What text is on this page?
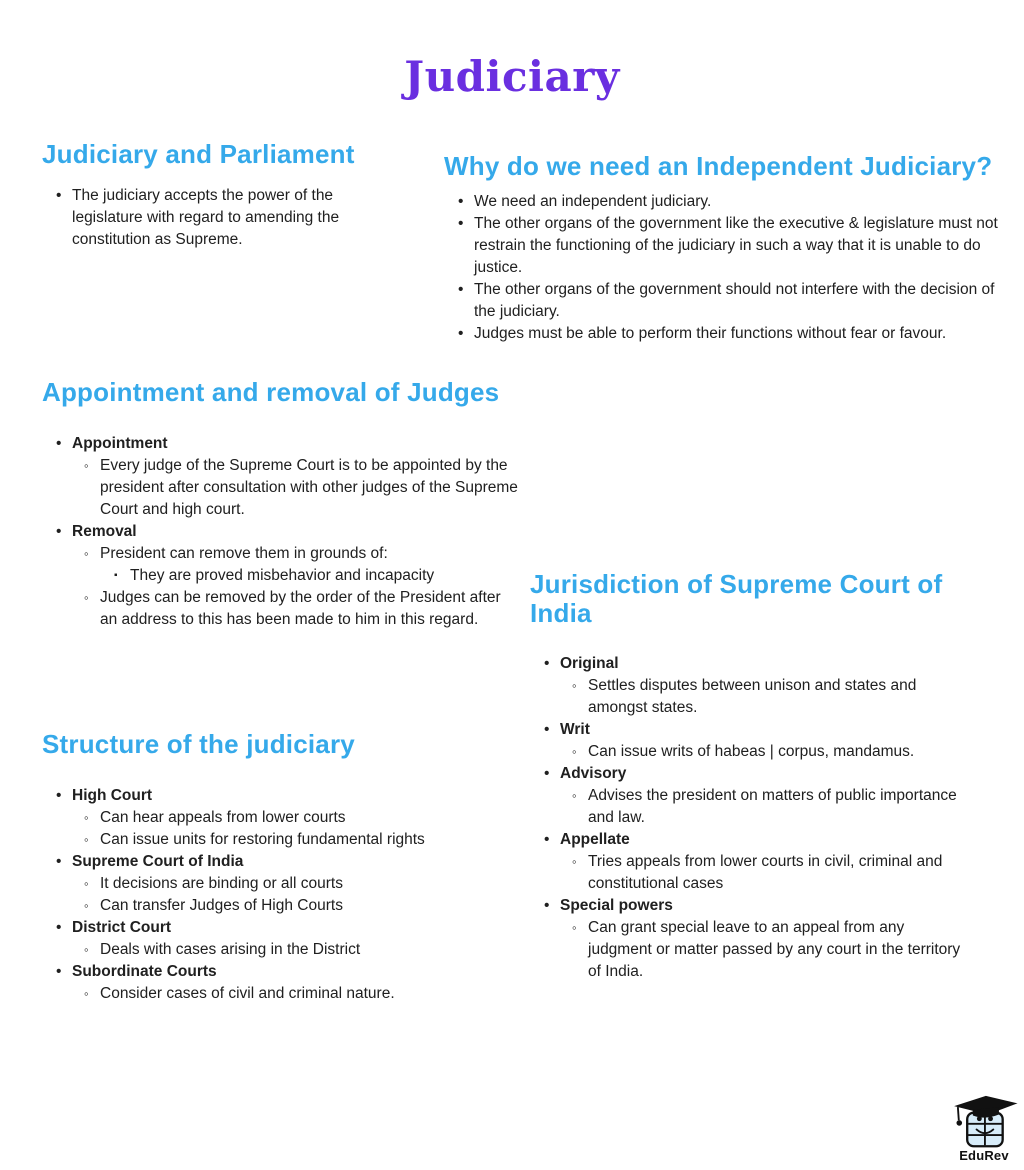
Judiciary
Judiciary and Parliament
• The judiciary accepts the power of the legislature with regard to amending the constitution as Supreme.
Why do we need an Independent Judiciary?
• We need an independent judiciary.
• The other organs of the government like the executive & legislature must not restrain the functioning of the judiciary in such a way that it is unable to do justice.
• The other organs of the government should not interfere with the decision of the judiciary.
• Judges must be able to perform their functions without fear or favour.
Appointment and removal of Judges
• Appointment
◦ Every judge of the Supreme Court is to be appointed by the president after consultation with other judges of the Supreme Court and high court.
• Removal
◦ President can remove them in grounds of:
▪ They are proved misbehavior and incapacity
◦ Judges can be removed by the order of the President after an address to this has been made to him in this regard.
Jurisdiction of Supreme Court of India
• Original
◦ Settles disputes between unison and states and amongst states.
• Writ
◦ Can issue writs of habeas | corpus, mandamus.
• Advisory
◦ Advises the president on matters of public importance and law.
• Appellate
◦ Tries appeals from lower courts in civil, criminal and constitutional cases
• Special powers
◦ Can grant special leave to an appeal from any judgment or matter passed by any court in the territory of India.
Structure of the judiciary
• High Court
◦ Can hear appeals from lower courts
◦ Can issue units for restoring fundamental rights
• Supreme Court of India
◦ It decisions are binding or all courts
◦ Can transfer Judges of High Courts
• District Court
◦ Deals with cases arising in the District
• Subordinate Courts
◦ Consider cases of civil and criminal nature.
EduRev
